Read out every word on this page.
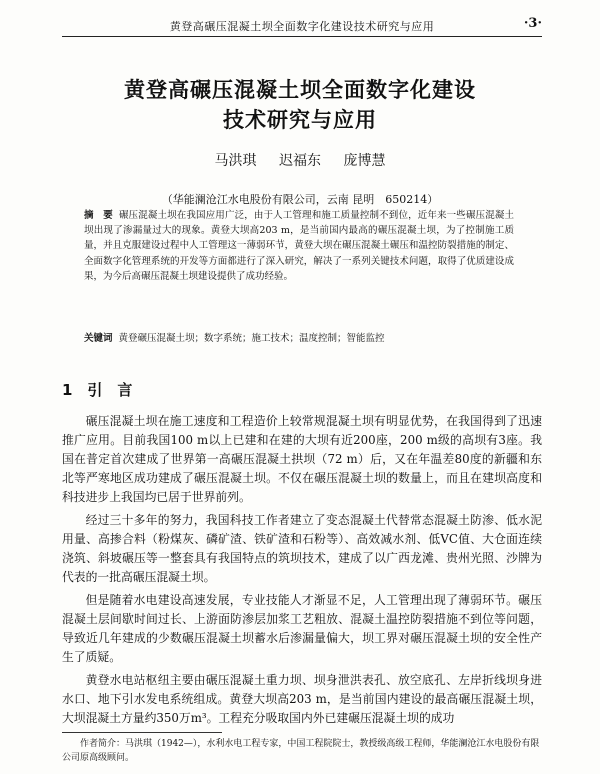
黄登高碾压混凝土坝全面数字化建设技术研究与应用	·3·
黄登高碾压混凝土坝全面数字化建设
技术研究与应用
马洪琪 迟福东 庞博慧
（华能澜沧江水电股份有限公司，云南 昆明　650214）
摘　要 碾压混凝土坝在我国应用广泛，由于人工管理和施工质量控制不到位，近年来一些碾压混凝土坝出现了渗漏量过大的现象。黄登大坝高203 m，是当前国内最高的碾压混凝土坝，为了控制施工质量，并且克服建设过程中人工管理这一薄弱环节，黄登大坝在碾压混凝土碾压和温控防裂措施的制定、全面数字化管理系统的开发等方面都进行了深入研究，解决了一系列关键技术问题，取得了优质建设成果，为今后高碾压混凝土坝建设提供了成功经验。
关键词 黄登碾压混凝土坝；数字系统；施工技术；温度控制；智能监控
1　引　言

碾压混凝土坝在施工速度和工程造价上较常规混凝土坝有明显优势，在我国得到了迅速推广应用。目前我国100 m以上已建和在建的大坝有近200座，200 m级的高坝有3座。我国在普定首次建成了世界第一高碾压混凝土拱坝（72 m）后，又在年温差80度的新疆和东北等严寒地区成功建成了碾压混凝土坝。不仅在碾压混凝土坝的数量上，而且在建坝高度和科技进步上我国均已居于世界前列。

经过三十多年的努力，我国科技工作者建立了变态混凝土代替常态混凝土防渗、低水泥用量、高掺合料（粉煤灰、磷矿渣、铁矿渣和石粉等）、高效减水剂、低VC值、大仓面连续浇筑、斜坡碾压等一整套具有我国特点的筑坝技术，建成了以广西龙滩、贵州光照、沙牌为代表的一批高碾压混凝土坝。

但是随着水电建设高速发展，专业技能人才渐显不足，人工管理出现了薄弱环节。碾压混凝土层间歇时间过长、上游面防渗层加浆工艺粗放、混凝土温控防裂措施不到位等问题，导致近几年建成的少数碾压混凝土坝蓄水后渗漏量偏大，坝工界对碾压混凝土坝的安全性产生了质疑。

黄登水电站枢纽主要由碾压混凝土重力坝、坝身泄洪表孔、放空底孔、左岸折线坝身进水口、地下引水发电系统组成。黄登大坝高203 m，是当前国内建设的最高碾压混凝土坝，大坝混凝土方量约350万m³。工程充分吸取国内外已建碾压混凝土坝的成功

作者简介：马洪琪（1942—），水利水电工程专家，中国工程院院士，教授级高级工程师，华能澜沧江水电股份有限公司原高级顾问。
